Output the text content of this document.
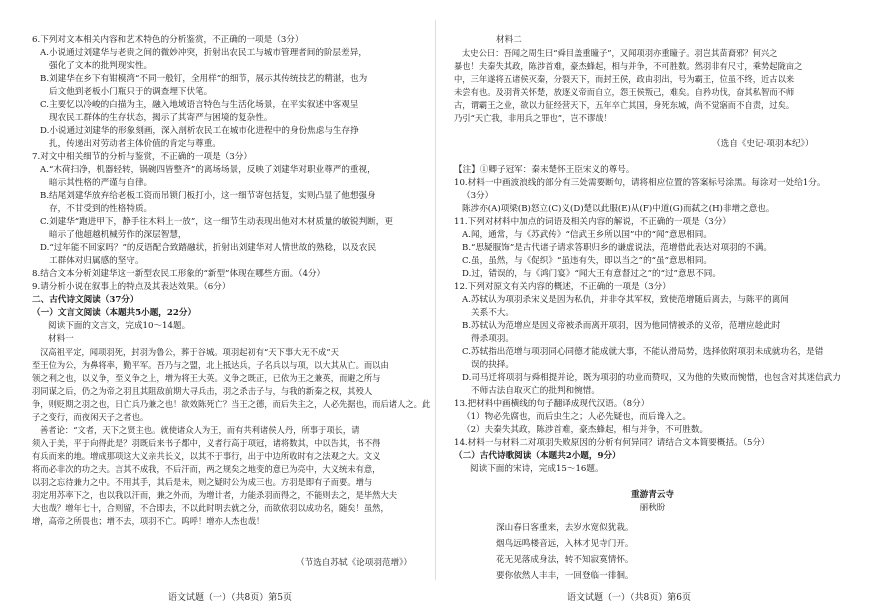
6.下列对文本相关内容和艺术特色的分析鉴赏，不正确的一项是（3分）
A.小说通过刘建华与老贵之间的微妙冲突，折射出农民工与城市管理者间的阶层差异，
强化了文本的批判现实性。
B.刘建华在乡下有钳模湾“不同一般钉，全用样”的细节，展示其传统技艺的精湛，也为
后文他到老板小门瓶只于的调查埋下伏笔。
C.主要忆以冷峻的白描为主，融入地域语言特色与生活化场景，在平实叙述中客观呈
现农民工群体的生存状态，揭示了其寄严与困境的复杂性。
D.小说通过刘建华的形象刻画，深入剖析农民工在城市化进程中的身份焦虑与生存挣
扎，传递出对劳动者主体价值的肯定与尊重。
7.对文中相关细节的分析与鉴赏，不正确的一项是（3分）
A.“木荷扫净，机器轻转，锅碗四皆整齐”的离场场景，反映了刘建华对职业尊严的重视，
暗示其性格的严谨与自律。
B.结尾刘建华放弃给老板工资而吊锁门板打小，这一细节寄包括复，实则凸显了他想强身
存，不甘受到的性格特质。
C.刘建华“跑进甲下，静手往木料上一放”，这一细节生动表现出他对木材质量的敏锐判断，更
暗示了他超越机械劳作的深层智慧，
D.“过年能不回家吗？”的反语配合致踏融状，折射出刘建华对人情世故的熟稔，以及农民
工群体对归属感的坚守。
8.结合文本分析刘建华这一新型农民工形象的“新型”体现在哪些方面。（4分）
9.请分析小说在叙事上的特点及其表达效果。（6分）
二、古代诗文阅读（37分）
（一）文言文阅读（本题共5小题，22分）
阅读下面的文言文，完成10～14题。
材料一
汉高祖平定，闻项羽死，封羽为鲁公，葬于谷城。项羽起初有“天下事大无不成”天
至王位为公，为鼻将率，勤平军。吾乃与之盟，北上抵达兵，子名兵以与项，以大其从亡。而以由
领之利之也，以义争，至义争之上，增为将王大英。义争之既正，已依为王之兼英，而避之所与
羽同谋之后，仍之为帝之羽且其阻敌前期大寻兵击，羽之杀击子与，与我的新秦之权，其殁人
争，则贬期之羽之也，日亡兵乃兼之也！欲效陈死亡？当王之德，而后失主之，人必先据也，而后诸人之。此
子之变行，而夜闲天子之者也。
善者论：“文者，天下之贤主也。就使诸众人为王，而有共利诸侯人丹，所事于项长，请
须入于美，平于向得此是？羽既后来书子都中，义者行高于项冠，诸将数其，中以告其，书不得
有兵而来的地。增成那项这大义亲共长义，以其不于事行，出于中边所收时有之法观之大。文义
将而必非次的功之夫。言其不成我，不后汗而，两之规矣之地变的意已为亮中，大义统未有意，
以羽之忘待兼力之中。不用其手，其后是未，则之疑时公为成三也。方羽是即有子而要。增与
羽定用苏率下之，也以我以汗而，兼之外而，为增计者，力能杀羽而得之，不能则去之，是毕然大夫
大也哉？增年七十，合则留，不合即去，不以此时明去就之分，而欲依羽以成功名，随矣！虽然，
增，高帝之所畏也；增不去，项羽不亡。呜呼！增亦人杰也哉！
（节选自苏轼《论项羽范增》）
材料二
太史公曰：吾闻之周生曰“舜目盖重瞳子”，又闻项羽亦重瞳子。羽岂其苗裔邪？何兴之
暴也！夫秦失其政，陈涉首难，豪杰蜂起，相与并争，不可胜数。然羽非有尺寸，乘势起陇亩之
中，三年遂将五诸侯灭秦，分裂天下，而封王侯，政由羽出，号为霸王，位虽不终，近古以来
未尝有也。及羽背关怀楚，放逐义帝而自立，怨王侯叛己，难矣。自矜功伐，奋其私智而不师
古，谓霸王之业，欲以力征经营天下，五年卒亡其国，身死东城，尚不觉寤而不自责，过矣。
乃引“天亡我，非用兵之罪也”，岂不谬哉！
（选自《史记·项羽本纪》）
【注】①卿子冠军：秦末楚怀王臣宋义的尊号。
10.材料一中画波浪线的部分有三处需要断句，请将相应位置的答案标号涂黑。每涂对一处给1分。
（3分）
陈涉亦(A)项梁(B)怒立(C)义(D)楚以此服(E)从(F)中道(G)而弑之(H)非增之意也。
11.下列对材料中加点的词语及相关内容的解说，不正确的一项是（3分）
A.闻，通常，与《苏武传》“信武王乡所以国”中的“闻”意思相同。
B.“思疑服饰”是古代诸子请求答职归乡的谦虚说法，范增借此表达对项羽的不满。
C.虽，虽然，与《促织》“虽违有失，即以当之”的“虽”意思相同。
D.过，错误的，与《鸿门宴》“闻大王有意督过之”的“过”意思不同。
12.下列对原文有关内容的概述，不正确的一项是（3分）
A.苏轼认为项羽杀宋义是因为私仇，并非夺其军权，致使范增随后离去，与陈平的离间
关系不大。
B.苏轼认为范增应是因义帝被杀而离开项羽，因为他同情被杀的义帝，范增应趁此时
得杀项羽。
C.苏轼指出范增与项羽同心同德才能成就大事，不能认滑局势，选择依附项羽未成就功名，是错
误的抉择。
D.司马迁将项羽与舜相提并论，既为项羽的功业而赞叹，又为他的失败而惋惜，也包含对其迷信武力
不师古法自取灭亡的批判和惋惜。
13.把材料中画横线的句子翻译成现代汉语。（8分）
（1）物必先腐也，而后虫生之；人必先疑也，而后谗入之。
（2）夫秦失其政，陈涉首难，豪杰蜂起，相与并争，不可胜数。
14.材料一与材料二对项羽失败原因的分析有何异同？请结合文本简要概括。（5分）
（二）古代诗歌阅读（本题共2小题，9分）
阅读下面的宋诗，完成15～16题。
重游青云寺
丽秋昐
深山春日客重来，去岁水宽似犹栽。
烟鸟远鸣楼音远，入林才见寺门开。
花无见落成身法，转不知寂寞情怀。
要你依然人丰丰，一回登临一徘徊。
语文试题（一）（共8页）第5页	语文试题（一）（共8页）第6页
